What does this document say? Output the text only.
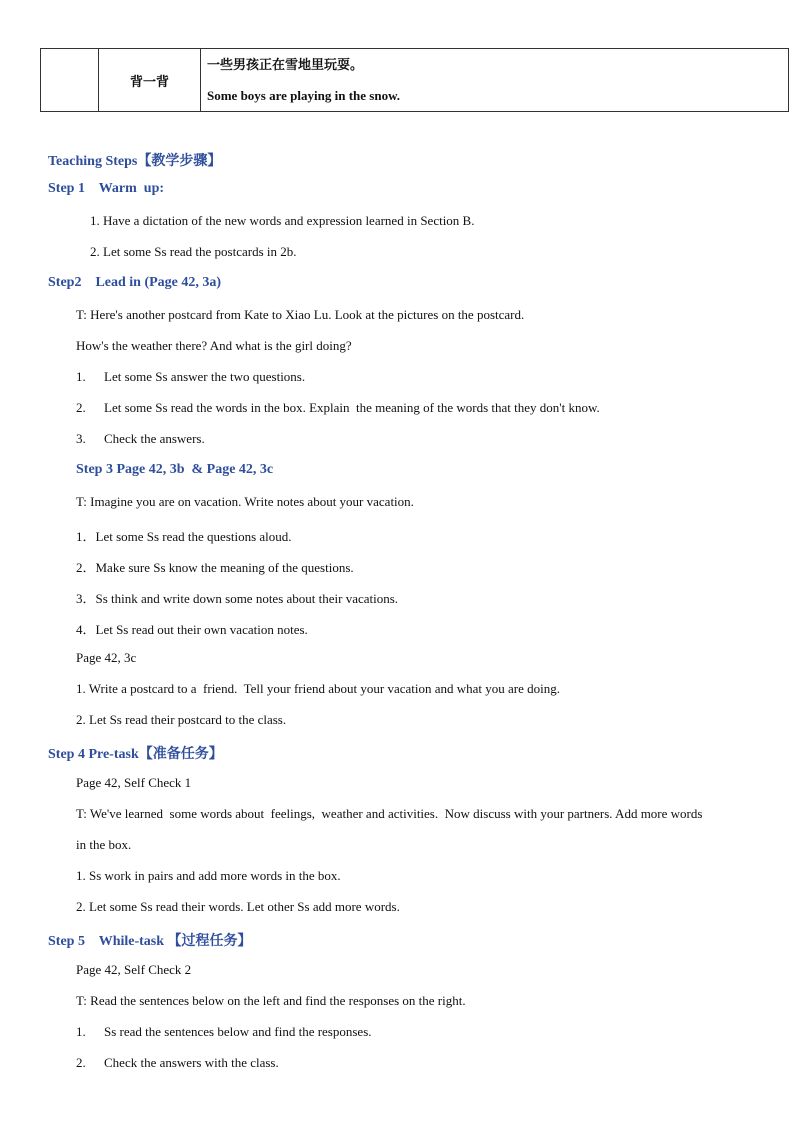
	背一背	
一些男孩正在雪地里玩耍。
Some boys are playing in the snow.
Teaching Steps【教学步骤】
Step 1    Warm  up:
1. Have a dictation of the new words and expression learned in Section B.
2. Let some Ss read the postcards in 2b.
Step2    Lead in (Page 42, 3a)
T: Here's another postcard from Kate to Xiao Lu. Look at the pictures on the postcard.
How's the weather there? And what is the girl doing?
1. Let some Ss answer the two questions.
2. Let some Ss read the words in the box. Explain  the meaning of the words that they don't know.
3. Check the answers.
Step 3 Page 42, 3b  & Page 42, 3c
T: Imagine you are on vacation. Write notes about your vacation.
1．Let some Ss read the questions aloud.
2．Make sure Ss know the meaning of the questions.
3．Ss think and write down some notes about their vacations.
4．Let Ss read out their own vacation notes.
Page 42, 3c
1. Write a postcard to a  friend.  Tell your friend about your vacation and what you are doing.
2. Let Ss read their postcard to the class.
Step 4 Pre-task【准备任务】
Page 42, Self Check 1
T: We've learned  some words about  feelings,  weather and activities.  Now discuss with your partners. Add more words
in the box.
1. Ss work in pairs and add more words in the box.
2. Let some Ss read their words. Let other Ss add more words.
Step 5    While-task 【过程任务】
Page 42, Self Check 2
T: Read the sentences below on the left and find the responses on the right.
1. Ss read the sentences below and find the responses.
2. Check the answers with the class.
